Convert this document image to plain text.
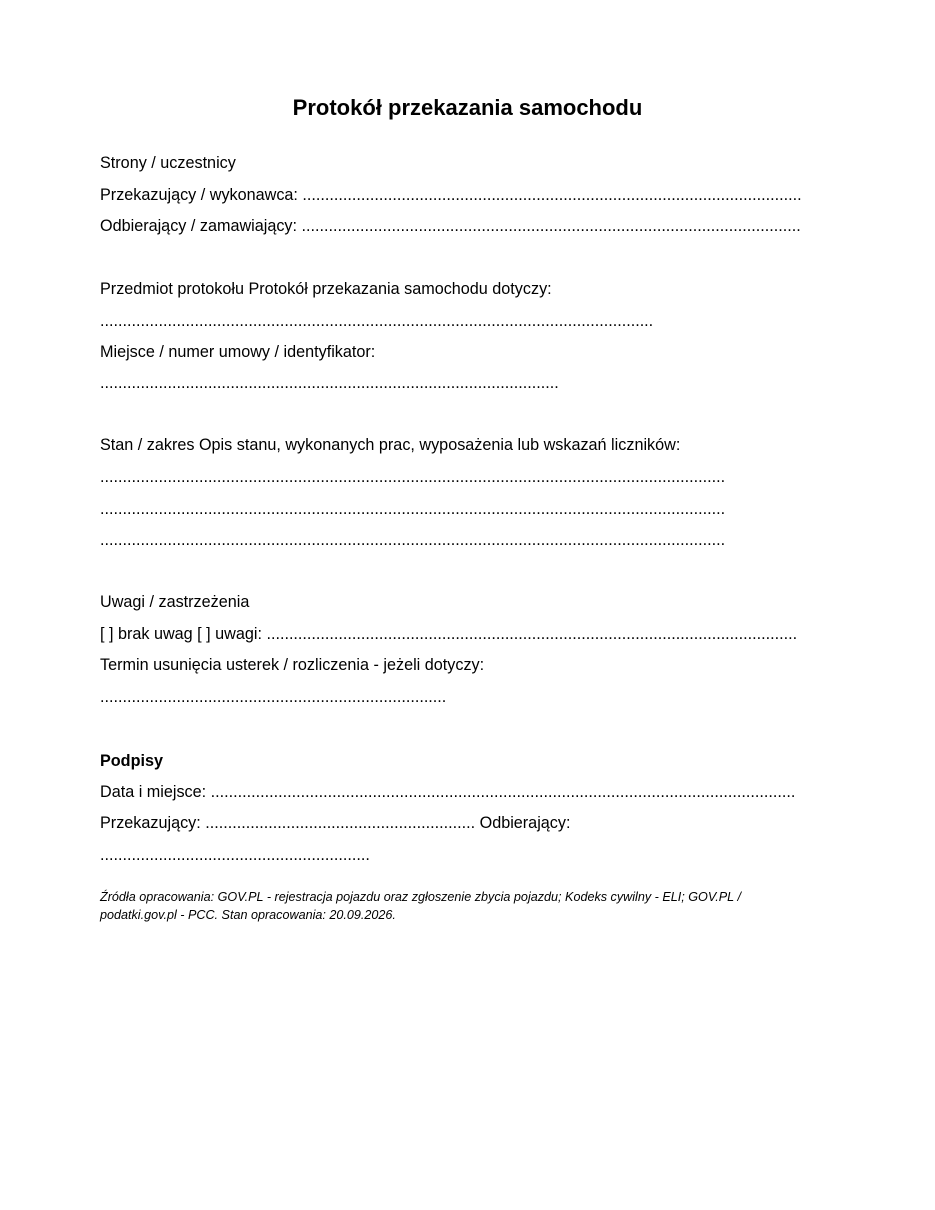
Protokół przekazania samochodu
Strony / uczestnicy
Przekazujący / wykonawca: ...............................................................................................................
Odbierający / zamawiający: ...............................................................................................................
Przedmiot protokołu Protokół przekazania samochodu dotyczy:
...........................................................................................................................
Miejsce / numer umowy / identyfikator:
......................................................................................................
Stan / zakres Opis stanu, wykonanych prac, wyposażenia lub wskazań liczników:
...........................................................................................................................................
...........................................................................................................................................
...........................................................................................................................................
Uwagi / zastrzeżenia
[ ] brak uwag [ ] uwagi: ......................................................................................................................
Termin usunięcia usterek / rozliczenia - jeżeli dotyczy:
.............................................................................
Podpisy
Data i miejsce: ..................................................................................................................................
Przekazujący: ............................................................ Odbierający:
............................................................
Źródła opracowania: GOV.PL - rejestracja pojazdu oraz zgłoszenie zbycia pojazdu; Kodeks cywilny - ELI; GOV.PL / podatki.gov.pl - PCC. Stan opracowania: 20.09.2026.
